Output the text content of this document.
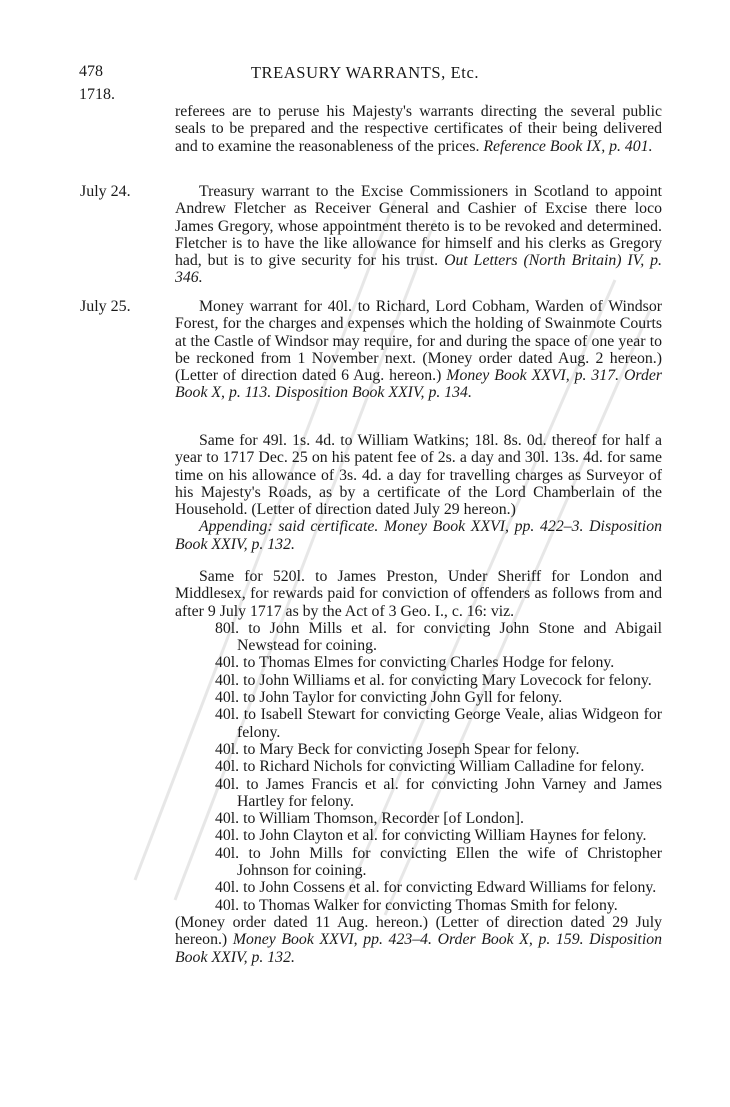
478	TREASURY WARRANTS, Etc.
1718.

referees are to peruse his Majesty's warrants directing the several public seals to be prepared and the respective certificates of their being delivered and to examine the reasonableness of the prices. Reference Book IX, p. 401.

July 24.	Treasury warrant to the Excise Commissioners in Scotland to appoint Andrew Fletcher as Receiver General and Cashier of Excise there loco James Gregory, whose appointment thereto is to be revoked and determined. Fletcher is to have the like allowance for himself and his clerks as Gregory had, but is to give security for his trust. Out Letters (North Britain) IV, p. 346.

July 25.	Money warrant for 40l. to Richard, Lord Cobham, Warden of Windsor Forest, for the charges and expenses which the holding of Swainmote Courts at the Castle of Windsor may require, for and during the space of one year to be reckoned from 1 November next. (Money order dated Aug. 2 hereon.) (Letter of direction dated 6 Aug. hereon.) Money Book XXVI, p. 317. Order Book X, p. 113. Disposition Book XXIV, p. 134.

Same for 49l. 1s. 4d. to William Watkins; 18l. 8s. 0d. thereof for half a year to 1717 Dec. 25 on his patent fee of 2s. a day and 30l. 13s. 4d. for same time on his allowance of 3s. 4d. a day for travelling charges as Surveyor of his Majesty's Roads, as by a certificate of the Lord Chamberlain of the Household. (Letter of direction dated July 29 hereon.)

Appending: said certificate. Money Book XXVI, pp. 422–3. Disposition Book XXIV, p. 132.

Same for 520l. to James Preston, Under Sheriff for London and Middlesex, for rewards paid for conviction of offenders as follows from and after 9 July 1717 as by the Act of 3 Geo. I., c. 16: viz.

80l. to John Mills et al. for convicting John Stone and Abigail Newstead for coining.
40l. to Thomas Elmes for convicting Charles Hodge for felony.
40l. to John Williams et al. for convicting Mary Lovecock for felony.
40l. to John Taylor for convicting John Gyll for felony.
40l. to Isabell Stewart for convicting George Veale, alias Widgeon for felony.
40l. to Mary Beck for convicting Joseph Spear for felony.
40l. to Richard Nichols for convicting William Calladine for felony.
40l. to James Francis et al. for convicting John Varney and James Hartley for felony.
40l. to William Thomson, Recorder [of London].
40l. to John Clayton et al. for convicting William Haynes for felony.
40l. to John Mills for convicting Ellen the wife of Christopher Johnson for coining.
40l. to John Cossens et al. for convicting Edward Williams for felony.
40l. to Thomas Walker for convicting Thomas Smith for felony.

(Money order dated 11 Aug. hereon.) (Letter of direction dated 29 July hereon.) Money Book XXVI, pp. 423–4. Order Book X, p. 159. Disposition Book XXIV, p. 132.
